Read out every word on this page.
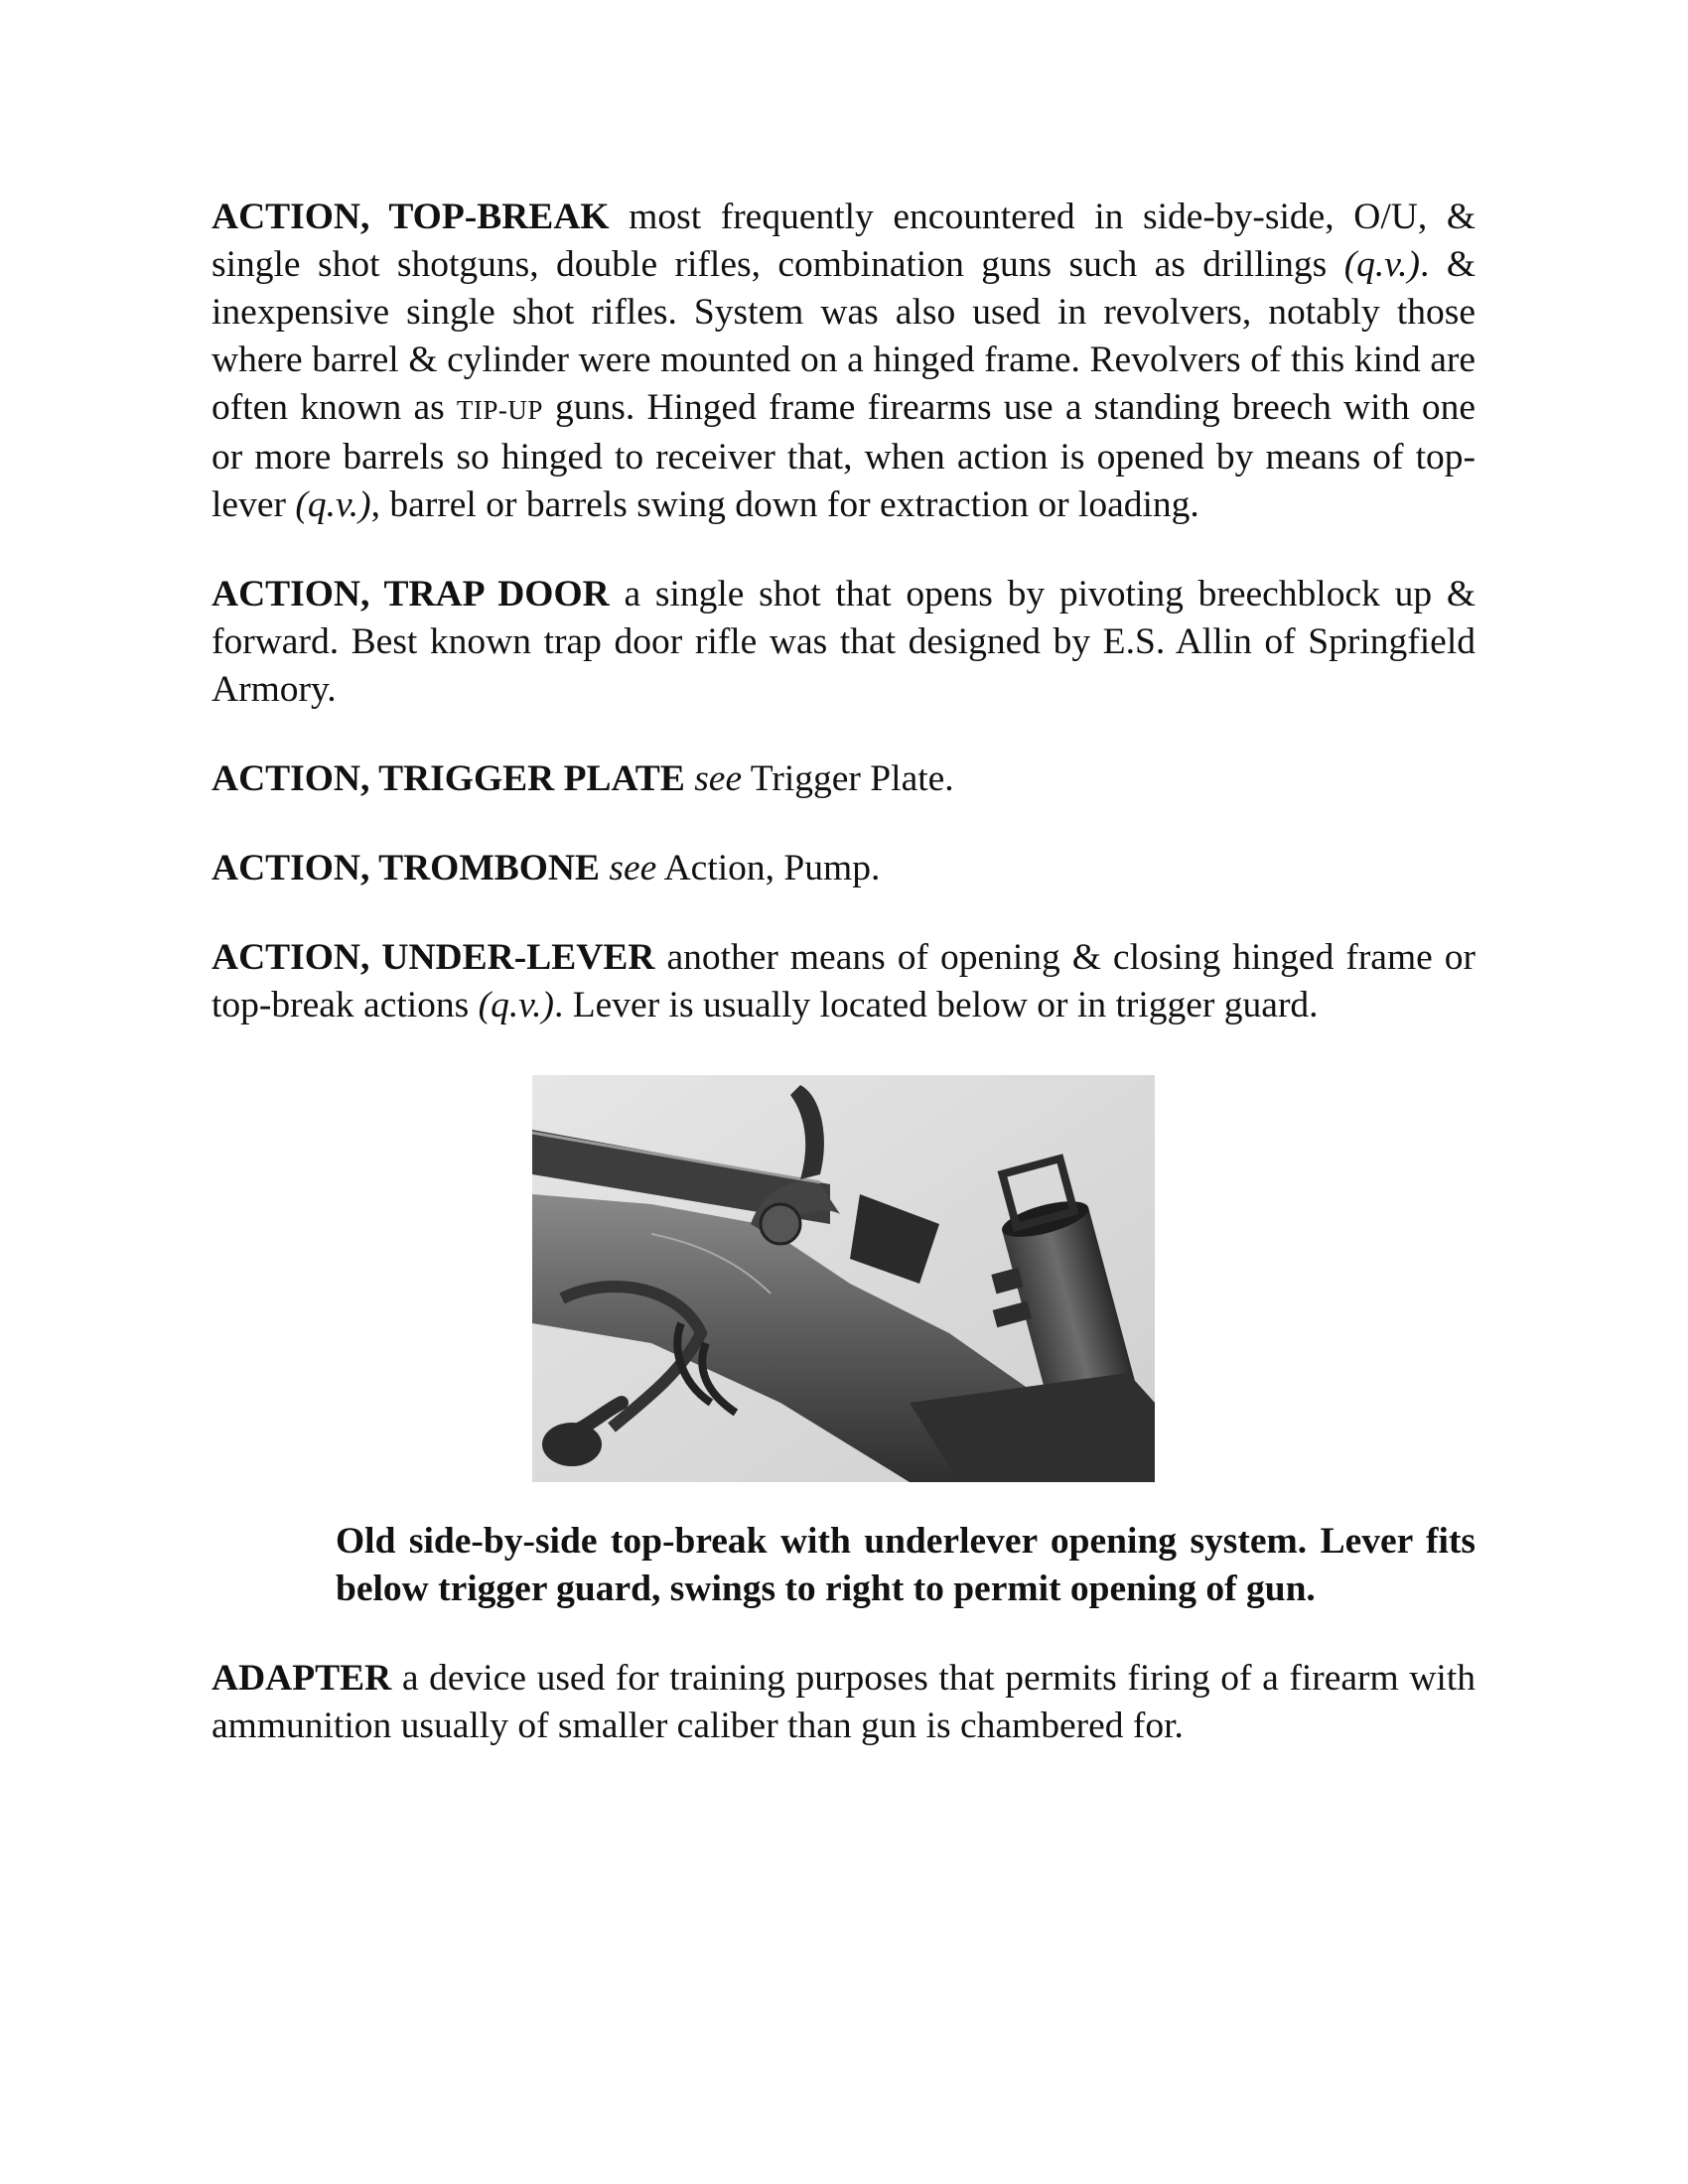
ACTION, TOP-BREAK most frequently encountered in side-by-side, O/U, & single shot shotguns, double rifles, combination guns such as drillings (q.v.). & inexpensive single shot rifles. System was also used in revolvers, notably those where barrel & cylinder were mounted on a hinged frame. Revolvers of this kind are often known as TIP-UP guns. Hinged frame firearms use a standing breech with one or more barrels so hinged to receiver that, when action is opened by means of top-lever (q.v.), barrel or barrels swing down for extraction or loading.

ACTION, TRAP DOOR a single shot that opens by pivoting breechblock up & forward. Best known trap door rifle was that designed by E.S. Allin of Springfield Armory.

ACTION, TRIGGER PLATE see Trigger Plate.

ACTION, TROMBONE see Action, Pump.

ACTION, UNDER-LEVER another means of opening & closing hinged frame or top-break actions (q.v.). Lever is usually located below or in trigger guard.

Old side-by-side top-break with underlever opening system. Lever fits below trigger guard, swings to right to permit opening of gun.

ADAPTER a device used for training purposes that permits firing of a firearm with ammunition usually of smaller caliber than gun is chambered for.
